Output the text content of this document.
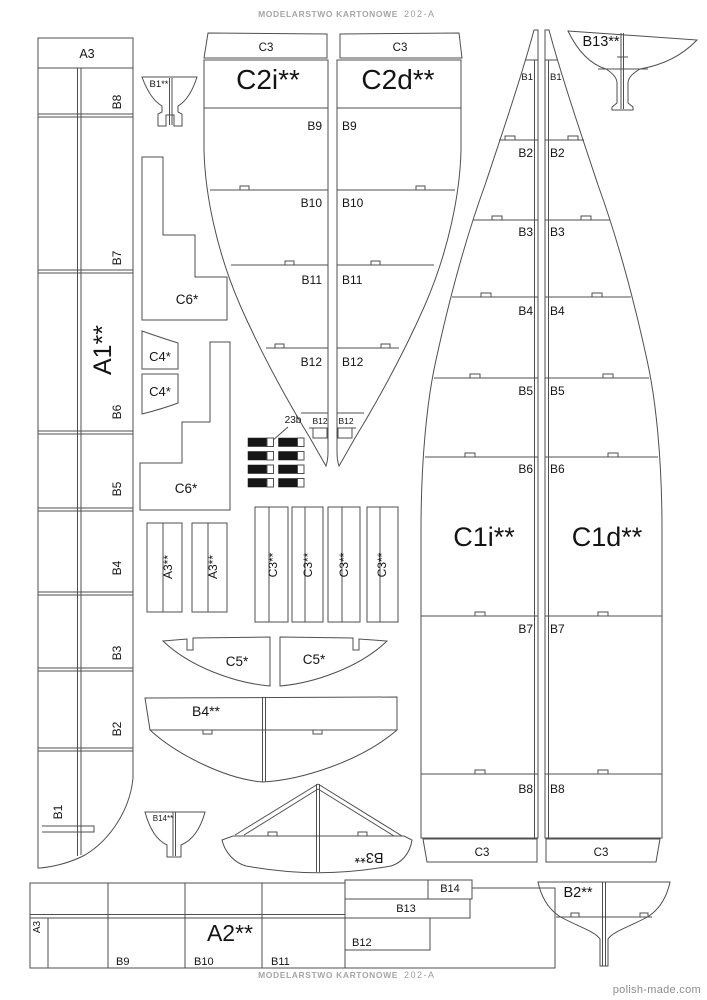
MODELARSTWO KARTONOWE 202-A
A3
B8
B7
A1**
B6
B5
B4
B3
B2
B1
B1**
C3
C2i**
B9
B10
B11
B12
B12
C3
C2d**
B9
B10
B11
B12
B12
C6*
C4*
C4*
C6*
23b
A3**	A3**	C3** C3** C3** C3**
C5*	C5*
B4**
B14**
B3**
B1
B2
B3
B4
B5
B6
C1i**
B7
B8
C3
B1
B2
B3
B4
B5
B6
C1d**
B7
B8
C3
B13**
A3
B9	B10	B11
A2**	B12
B13
B14	B2**
MODELARSTWO KARTONOWE 202-A
polish-made.com
